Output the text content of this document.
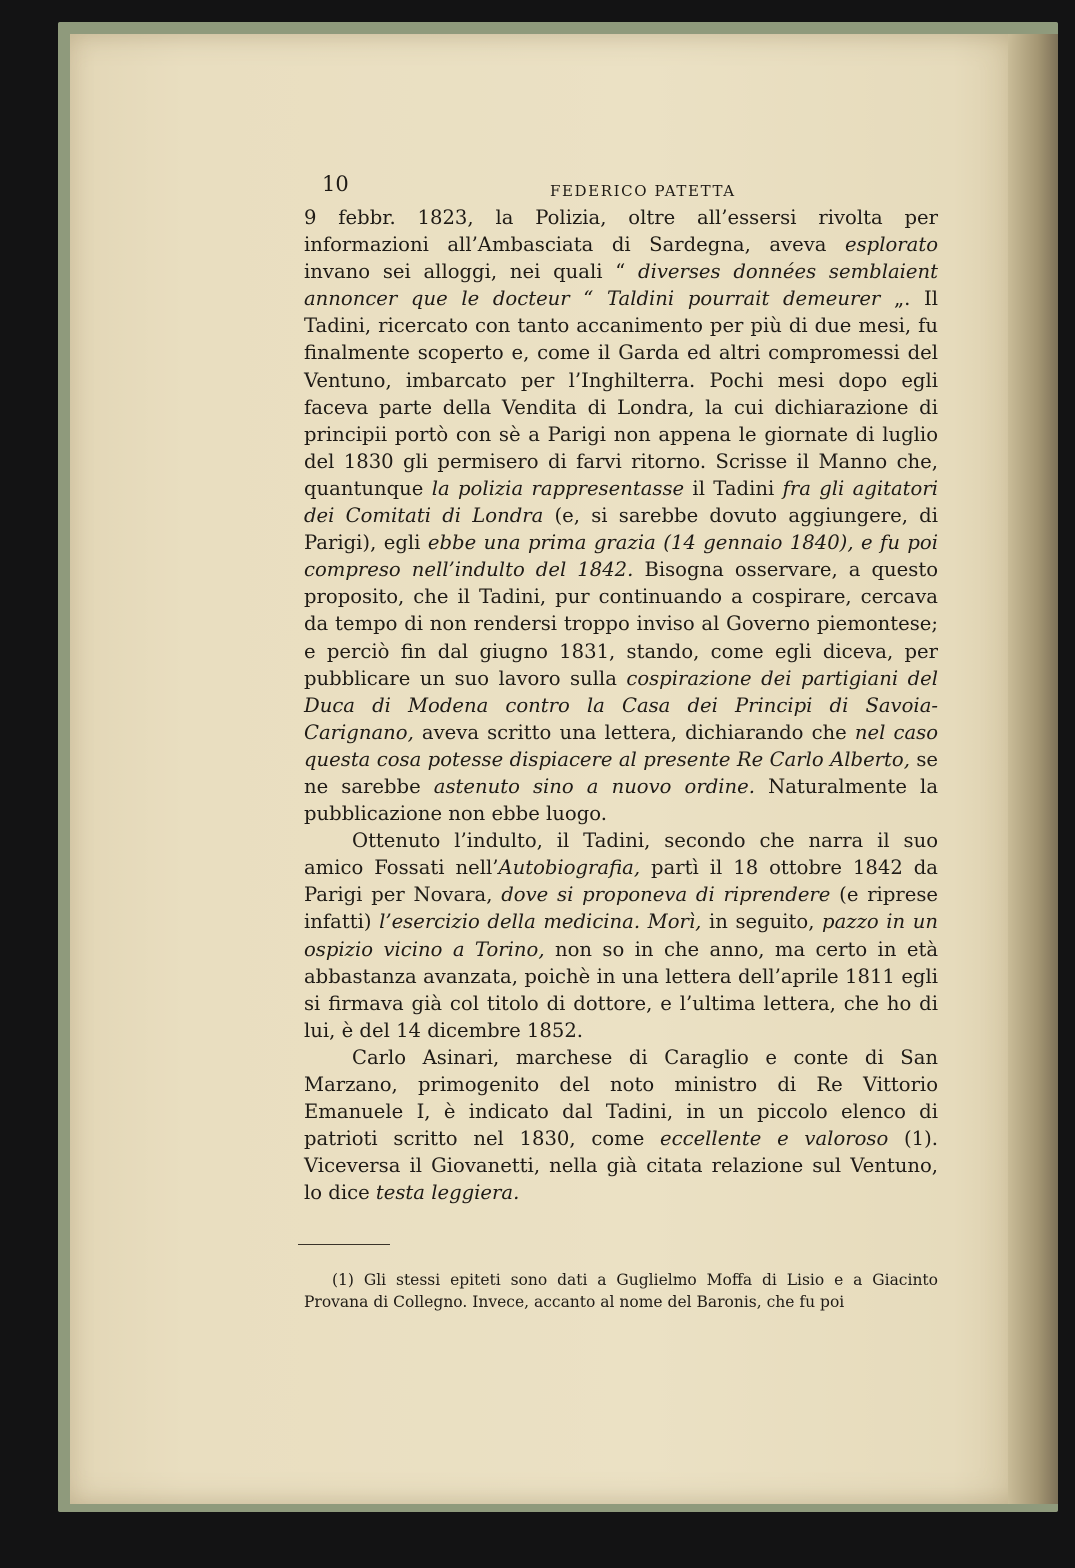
10	FEDERICO PATETTA

9 febbr. 1823, la Polizia, oltre all’essersi rivolta per informazioni all’Ambasciata di Sardegna, aveva esplorato invano sei alloggi, nei quali “ diverses données semblaient annoncer que le docteur “ Taldini pourrait demeurer „. Il Tadini, ricercato con tanto accanimento per più di due mesi, fu finalmente scoperto e, come il Garda ed altri compromessi del Ventuno, imbarcato per l’Inghilterra. Pochi mesi dopo egli faceva parte della Vendita di Londra, la cui dichiarazione di principii portò con sè a Parigi non appena le giornate di luglio del 1830 gli permisero di farvi ritorno. Scrisse il Manno che, quantunque la polizia rappresentasse il Tadini fra gli agitatori dei Comitati di Londra (e, si sarebbe dovuto aggiungere, di Parigi), egli ebbe una prima grazia (14 gennaio 1840), e fu poi compreso nell’indulto del 1842. Bisogna osservare, a questo proposito, che il Tadini, pur continuando a cospirare, cercava da tempo di non rendersi troppo inviso al Governo piemontese; e perciò fin dal giugno 1831, stando, come egli diceva, per pubblicare un suo lavoro sulla cospirazione dei partigiani del Duca di Modena contro la Casa dei Principi di Savoia-Carignano, aveva scritto una lettera, dichiarando che nel caso questa cosa potesse dispiacere al presente Re Carlo Alberto, se ne sarebbe astenuto sino a nuovo ordine. Naturalmente la pubblicazione non ebbe luogo.

Ottenuto l’indulto, il Tadini, secondo che narra il suo amico Fossati nell’Autobiografia, partì il 18 ottobre 1842 da Parigi per Novara, dove si proponeva di riprendere (e riprese infatti) l’esercizio della medicina. Morì, in seguito, pazzo in un ospizio vicino a Torino, non so in che anno, ma certo in età abbastanza avanzata, poichè in una lettera dell’aprile 1811 egli si firmava già col titolo di dottore, e l’ultima lettera, che ho di lui, è del 14 dicembre 1852.

Carlo Asinari, marchese di Caraglio e conte di San Marzano, primogenito del noto ministro di Re Vittorio Emanuele I, è indicato dal Tadini, in un piccolo elenco di patrioti scritto nel 1830, come eccellente e valoroso (1). Viceversa il Giovanetti, nella già citata relazione sul Ventuno, lo dice testa leggiera.

(1) Gli stessi epiteti sono dati a Guglielmo Moffa di Lisio e a Giacinto Provana di Collegno. Invece, accanto al nome del Baronis, che fu poi
